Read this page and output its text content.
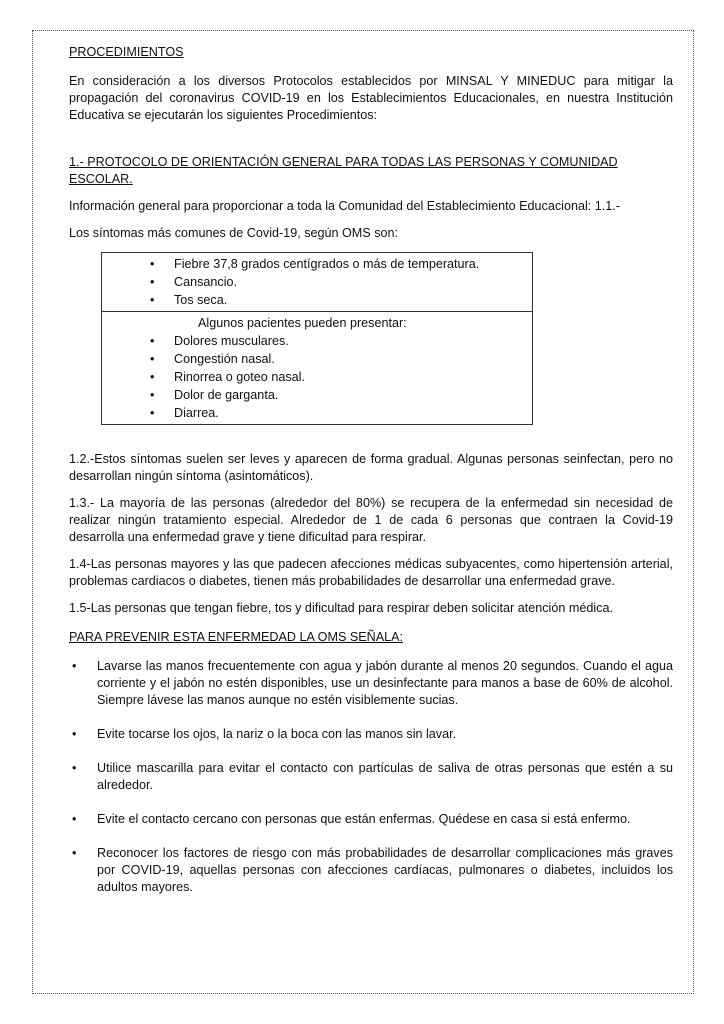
PROCEDIMIENTOS

En consideración a los diversos Protocolos establecidos por MINSAL Y MINEDUC para mitigar la propagación del coronavirus COVID-19 en los Establecimientos Educacionales, en nuestra Institución Educativa se ejecutarán los siguientes Procedimientos:

1.- PROTOCOLO DE ORIENTACIÓN GENERAL PARA TODAS LAS PERSONAS Y COMUNIDAD ESCOLAR.

Información general para proporcionar a toda la Comunidad del Establecimiento Educacional: 1.1.-

Los síntomas más comunes de Covid-19, según OMS son:

• Fiebre 37,8 grados centígrados o más de temperatura.
• Cansancio.
• Tos seca.

Algunos pacientes pueden presentar:
• Dolores musculares.
• Congestión nasal.
• Rinorrea o goteo nasal.
• Dolor de garganta.
• Diarrea.

1.2.-Estos síntomas suelen ser leves y aparecen de forma gradual. Algunas personas seinfectan, pero no desarrollan ningún síntoma (asintomáticos).

1.3.- La mayoría de las personas (alrededor del 80%) se recupera de la enfermedad sin necesidad de realizar ningún tratamiento especial. Alrededor de 1 de cada 6 personas que contraen la Covid-19 desarrolla una enfermedad grave y tiene dificultad para respirar.

1.4-Las personas mayores y las que padecen afecciones médicas subyacentes, como hipertensión arterial, problemas cardiacos o diabetes, tienen más probabilidades de desarrollar una enfermedad grave.

1.5-Las personas que tengan fiebre, tos y dificultad para respirar deben solicitar atención médica.

PARA PREVENIR ESTA ENFERMEDAD LA OMS SEÑALA:

• Lavarse las manos frecuentemente con agua y jabón durante al menos 20 segundos. Cuando el agua corriente y el jabón no estén disponibles, use un desinfectante para manos a base de 60% de alcohol. Siempre lávese las manos aunque no estén visiblemente sucias.
• Evite tocarse los ojos, la nariz o la boca con las manos sin lavar.
• Utilice mascarilla para evitar el contacto con partículas de saliva de otras personas que estén a su alrededor.
• Evite el contacto cercano con personas que están enfermas. Quédese en casa si está enfermo.
• Reconocer los factores de riesgo con más probabilidades de desarrollar complicaciones más graves por COVID-19, aquellas personas con afecciones cardíacas, pulmonares o diabetes, incluidos los adultos mayores.
